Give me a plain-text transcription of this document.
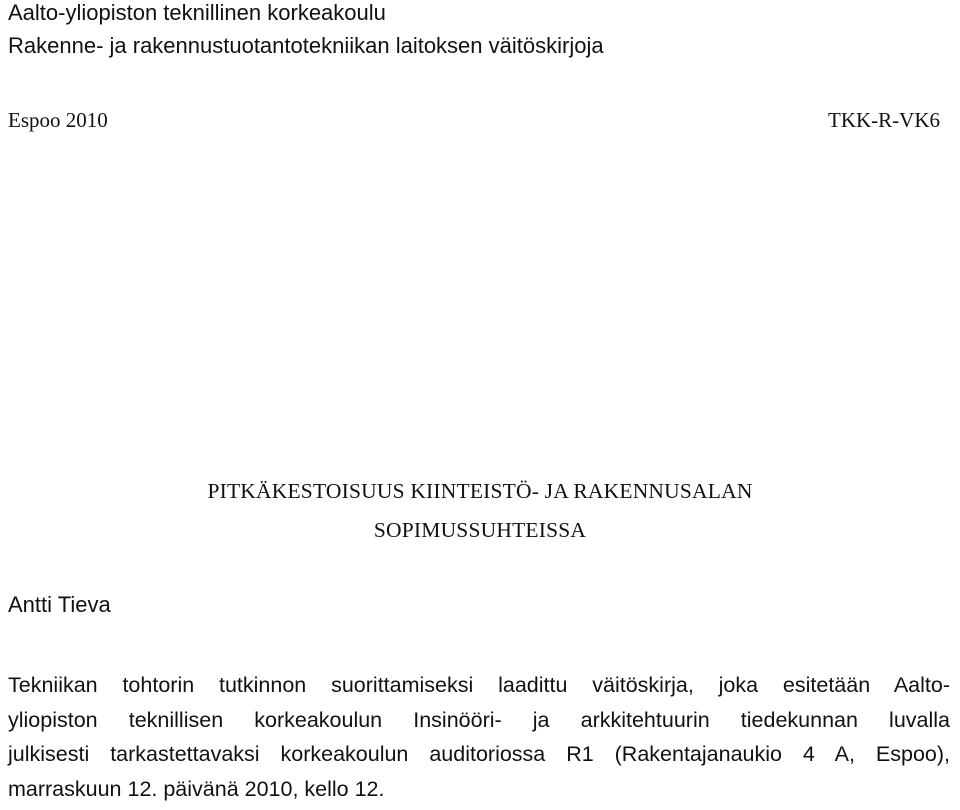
Aalto-yliopiston teknillinen korkeakoulu
Rakenne- ja rakennustuotantotekniikan laitoksen väitöskirjoja
Espoo 2010	TKK-R-VK6
PITKÄKESTOISUUS KIINTEISTÖ- JA RAKENNUSALAN
SOPIMUSSUHTEISSA
Antti Tieva
Tekniikan tohtorin tutkinnon suorittamiseksi laadittu väitöskirja, joka esitetään Aalto-
yliopiston teknillisen korkeakoulun Insinööri- ja arkkitehtuurin tiedekunnan luvalla
julkisesti tarkastettavaksi korkeakoulun auditoriossa R1 (Rakentajanaukio 4 A, Espoo),
marraskuun 12. päivänä 2010, kello 12.
